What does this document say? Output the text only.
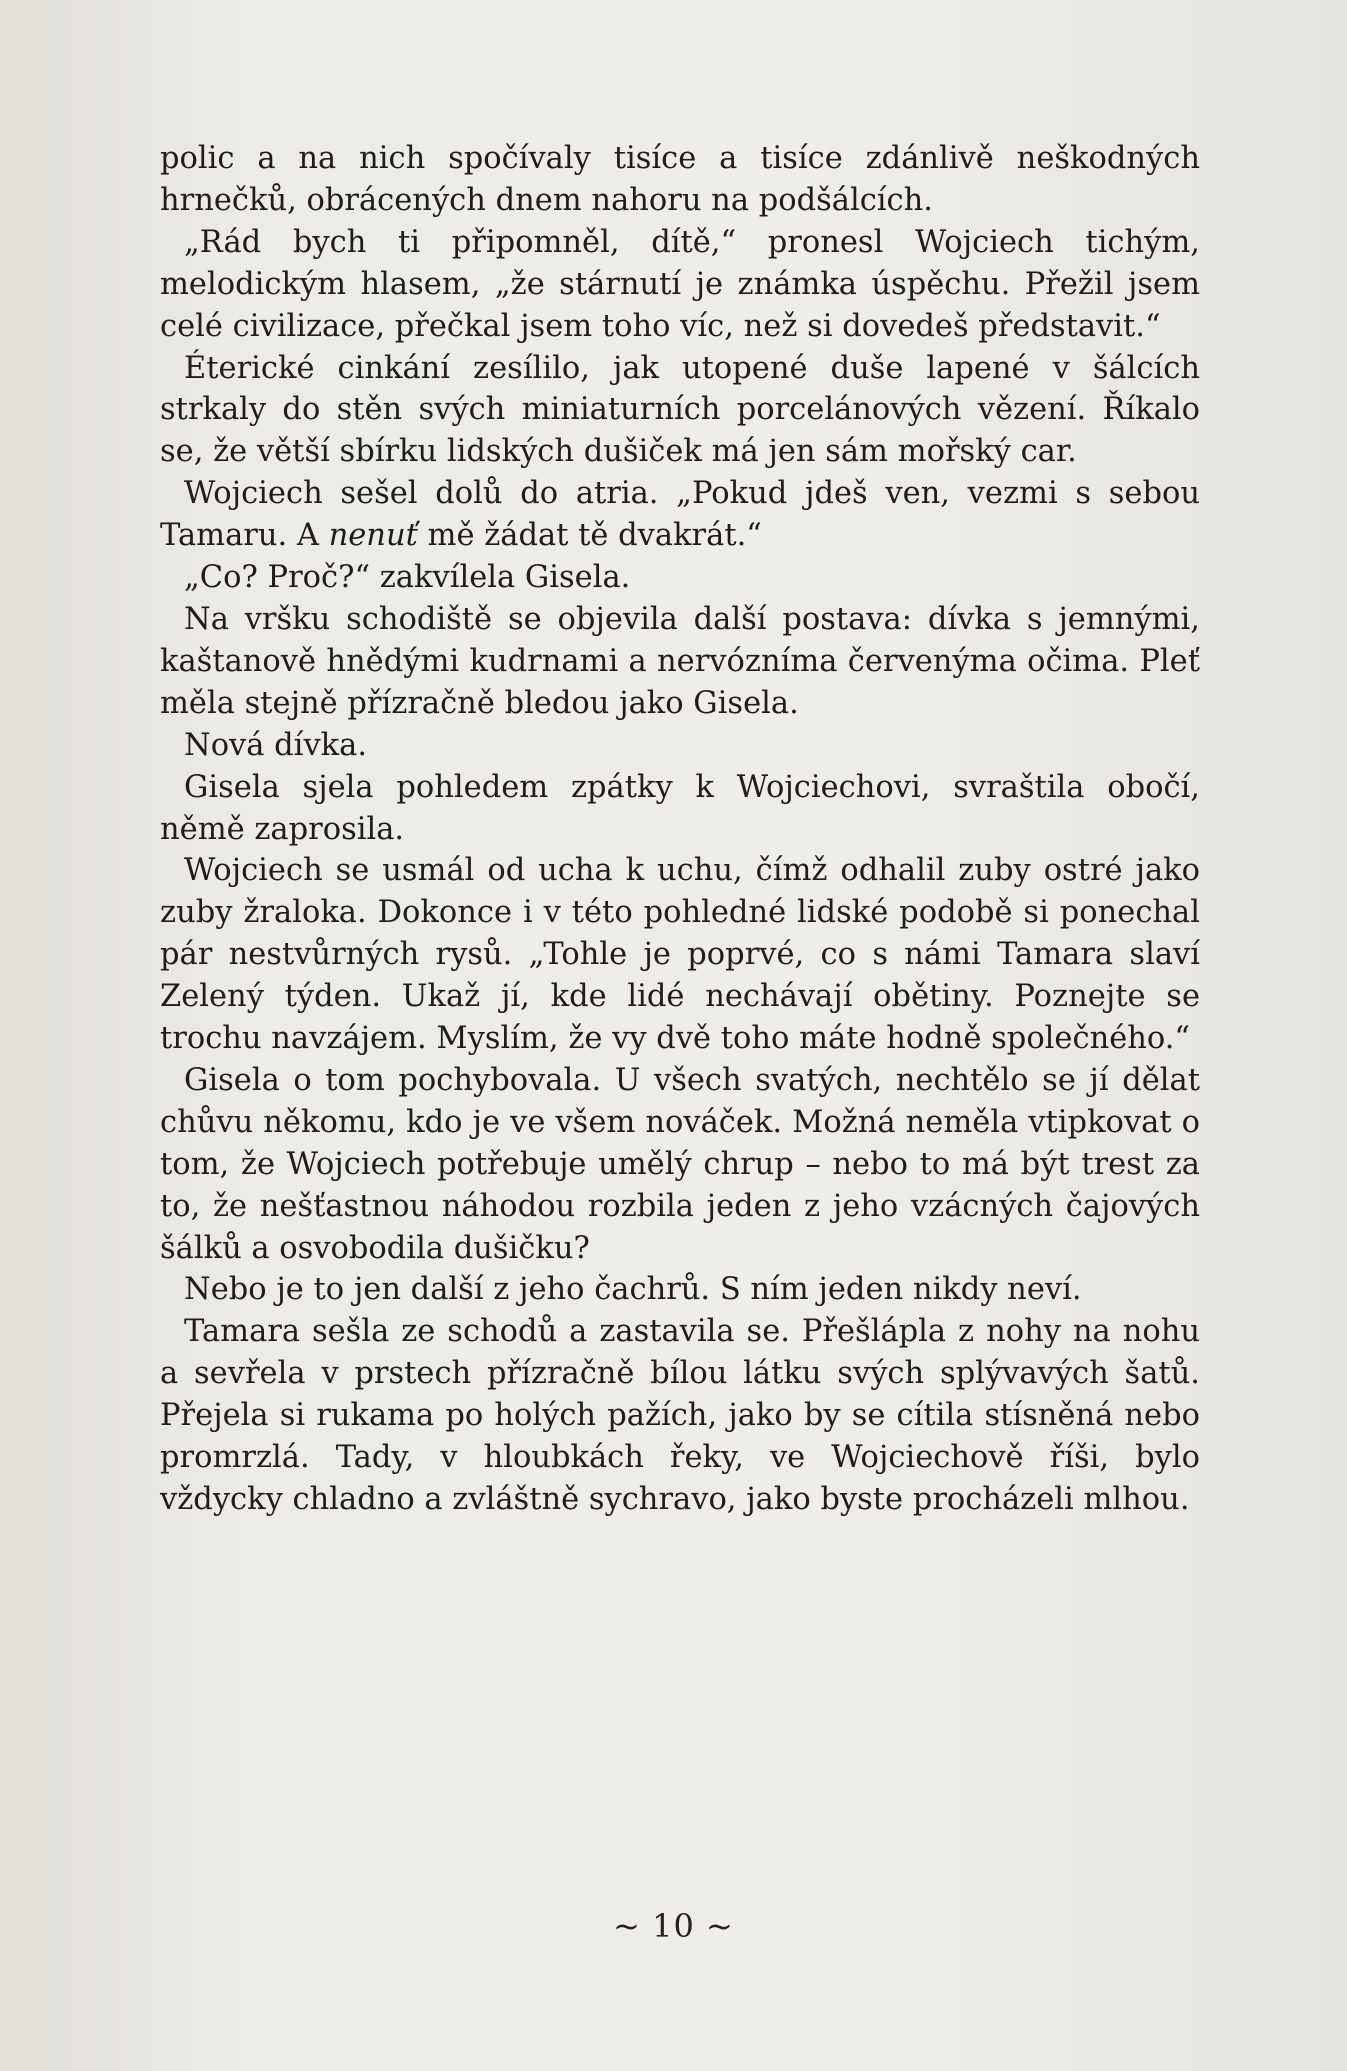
polic a na nich spočívaly tisíce a tisíce zdánlivě neškodných hrnečků, obrácených dnem nahoru na podšálcích.

„Rád bych ti připomněl, dítě,“ pronesl Wojciech tichým, melodickým hlasem, „že stárnutí je známka úspěchu. Přežil jsem celé civilizace, přečkal jsem toho víc, než si dovedeš představit.“

Éterické cinkání zesílilo, jak utopené duše lapené v šálcích strkaly do stěn svých miniaturních porcelánových vězení. Říkalo se, že větší sbírku lidských dušiček má jen sám mořský car.

Wojciech sešel dolů do atria. „Pokud jdeš ven, vezmi s sebou Tamaru. A nenuť mě žádat tě dvakrát.“

„Co? Proč?“ zakvílela Gisela.

Na vršku schodiště se objevila další postava: dívka s jemnými, kaštanově hnědými kudrnami a nervózníma červenýma očima. Pleť měla stejně přízračně bledou jako Gisela.

Nová dívka.

Gisela sjela pohledem zpátky k Wojciechovi, svraštila obočí, němě zaprosila.

Wojciech se usmál od ucha k uchu, čímž odhalil zuby ostré jako zuby žraloka. Dokonce i v této pohledné lidské podobě si ponechal pár nestvůrných rysů. „Tohle je poprvé, co s námi Tamara slaví Zelený týden. Ukaž jí, kde lidé nechávají obětiny. Poznejte se trochu navzájem. Myslím, že vy dvě toho máte hodně společného.“

Gisela o tom pochybovala. U všech svatých, nechtělo se jí dělat chůvu někomu, kdo je ve všem nováček. Možná neměla vtipkovat o tom, že Wojciech potřebuje umělý chrup – nebo to má být trest za to, že nešťastnou náhodou rozbila jeden z jeho vzácných čajových šálků a osvobodila dušičku?

Nebo je to jen další z jeho čachrů. S ním jeden nikdy neví.

Tamara sešla ze schodů a zastavila se. Přešlápla z nohy na nohu a sevřela v prstech přízračně bílou látku svých splývavých šatů. Přejela si rukama po holých pažích, jako by se cítila stísněná nebo promrzlá. Tady, v hloubkách řeky, ve Wojciechově říši, bylo vždycky chladno a zvláštně sychravo, jako byste procházeli mlhou.

~ 10 ~
